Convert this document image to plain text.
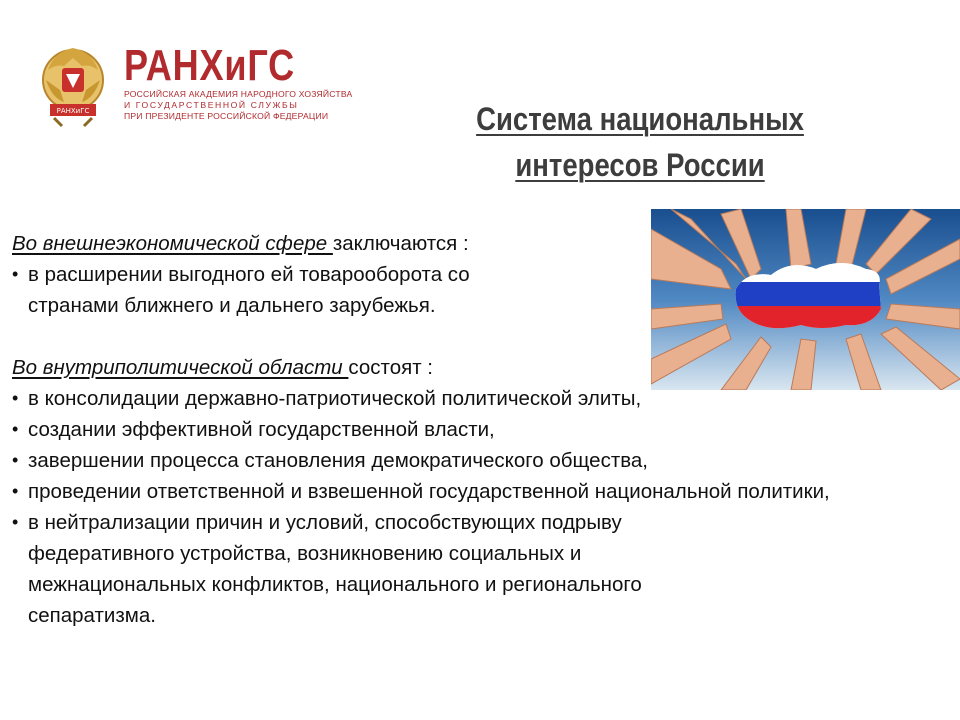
РАНХиГС
РАНХиГС
РОССИЙСКАЯ АКАДЕМИЯ НАРОДНОГО ХОЗЯЙСТВА
И ГОСУДАРСТВЕННОЙ СЛУЖБЫ
ПРИ ПРЕЗИДЕНТЕ РОССИЙСКОЙ ФЕДЕРАЦИИ	Система национальных
интересов России

Во внешнеэкономической сфере заключаются :

• в расширении выгодного ей товарооборота со странами ближнего и дальнего зарубежья.

Во внутриполитической области состоят :

• в консолидации державно-патриотической политической элиты,

• создании эффективной государственной власти,

• завершении процесса становления демократического общества,

• проведении ответственной и взвешенной государственной национальной политики,

• в нейтрализации причин и условий, способствующих подрыву федеративного устройства, возникновению социальных и межнациональных конфликтов, национального и регионального сепаратизма.
